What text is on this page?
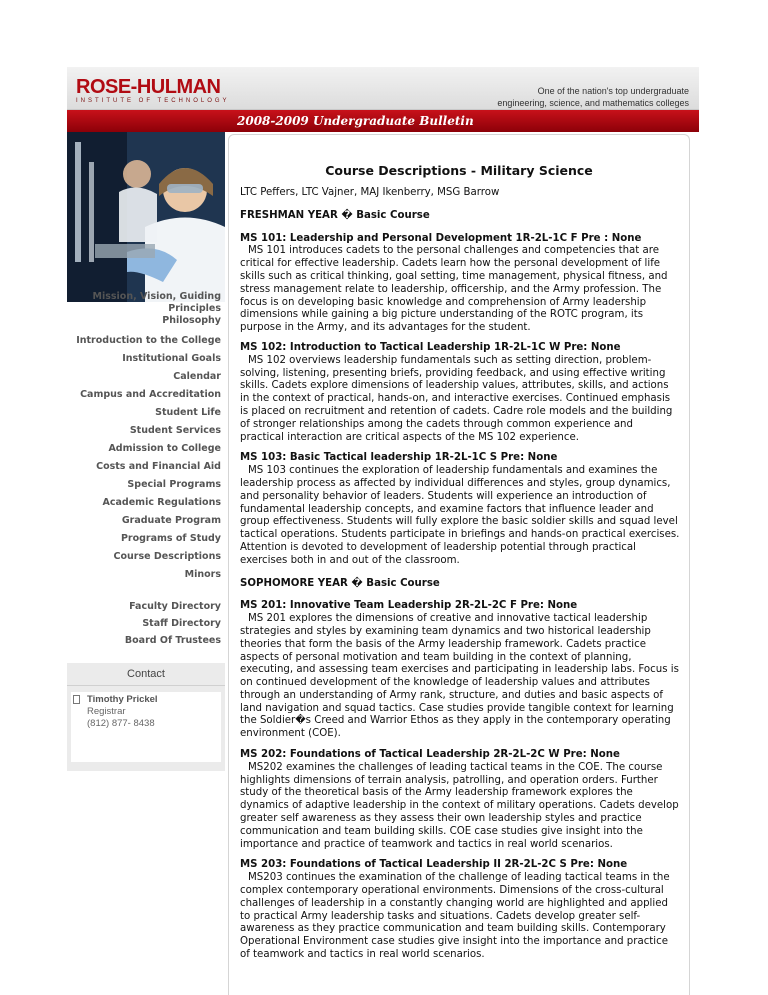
ROSE-HULMAN
INSTITUTE OF TECHNOLOGY
One of the nation's top undergraduate
engineering, science, and mathematics colleges
2008-2009 Undergraduate Bulletin
Mission, Vision, Guiding Principles
Philosophy
Introduction to the College
Institutional Goals
Calendar
Campus and Accreditation
Student Life
Student Services
Admission to College
Costs and Financial Aid
Special Programs
Academic Regulations
Graduate Program
Programs of Study
Course Descriptions
Minors
Faculty Directory
Staff Directory
Board Of Trustees
Contact
Timothy Prickel
Registrar
(812) 877- 8438
Course Descriptions - Military Science

LTC Peffers, LTC Vajner, MAJ Ikenberry, MSG Barrow

FRESHMAN YEAR � Basic Course

MS 101: Leadership and Personal Development 1R-2L-1C F Pre : None

MS 101 introduces cadets to the personal challenges and competencies that are critical for effective leadership. Cadets learn how the personal development of life skills such as critical thinking, goal setting, time management, physical fitness, and stress management relate to leadership, officership, and the Army profession. The focus is on developing basic knowledge and comprehension of Army leadership dimensions while gaining a big picture understanding of the ROTC program, its purpose in the Army, and its advantages for the student.

MS 102: Introduction to Tactical Leadership 1R-2L-1C W Pre: None

MS 102 overviews leadership fundamentals such as setting direction, problem-solving, listening, presenting briefs, providing feedback, and using effective writing skills. Cadets explore dimensions of leadership values, attributes, skills, and actions in the context of practical, hands-on, and interactive exercises. Continued emphasis is placed on recruitment and retention of cadets. Cadre role models and the building of stronger relationships among the cadets through common experience and practical interaction are critical aspects of the MS 102 experience.

MS 103: Basic Tactical leadership 1R-2L-1C S Pre: None

MS 103 continues the exploration of leadership fundamentals and examines the leadership process as affected by individual differences and styles, group dynamics, and personality behavior of leaders. Students will experience an introduction of fundamental leadership concepts, and examine factors that influence leader and group effectiveness. Students will fully explore the basic soldier skills and squad level tactical operations. Students participate in briefings and hands-on practical exercises. Attention is devoted to development of leadership potential through practical exercises both in and out of the classroom.

SOPHOMORE YEAR � Basic Course

MS 201: Innovative Team Leadership 2R-2L-2C F Pre: None

MS 201 explores the dimensions of creative and innovative tactical leadership strategies and styles by examining team dynamics and two historical leadership theories that form the basis of the Army leadership framework. Cadets practice aspects of personal motivation and team building in the context of planning, executing, and assessing team exercises and participating in leadership labs. Focus is on continued development of the knowledge of leadership values and attributes through an understanding of Army rank, structure, and duties and basic aspects of land navigation and squad tactics. Case studies provide tangible context for learning the Soldier�s Creed and Warrior Ethos as they apply in the contemporary operating environment (COE).

MS 202: Foundations of Tactical Leadership 2R-2L-2C W Pre: None

MS202 examines the challenges of leading tactical teams in the COE. The course highlights dimensions of terrain analysis, patrolling, and operation orders. Further study of the theoretical basis of the Army leadership framework explores the dynamics of adaptive leadership in the context of military operations. Cadets develop greater self awareness as they assess their own leadership styles and practice communication and team building skills. COE case studies give insight into the importance and practice of teamwork and tactics in real world scenarios.

MS 203: Foundations of Tactical Leadership II 2R-2L-2C S Pre: None

MS203 continues the examination of the challenge of leading tactical teams in the complex contemporary operational environments. Dimensions of the cross-cultural challenges of leadership in a constantly changing world are highlighted and applied to practical Army leadership tasks and situations. Cadets develop greater self-awareness as they practice communication and team building skills. Contemporary Operational Environment case studies give insight into the importance and practice of teamwork and tactics in real world scenarios.
